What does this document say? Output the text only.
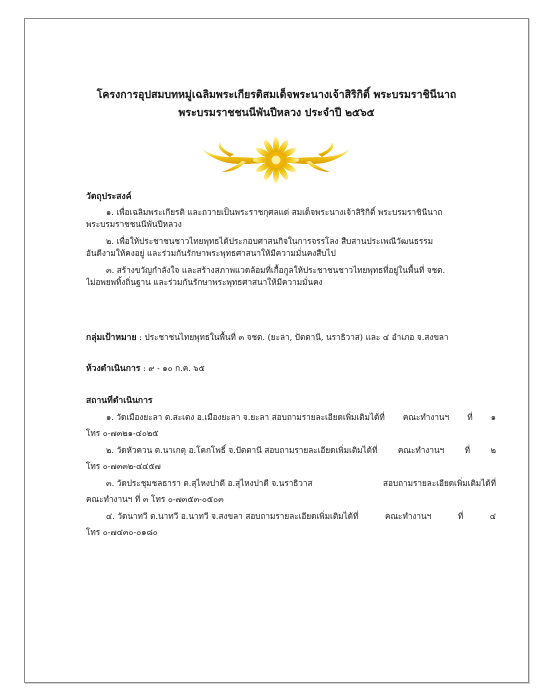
โครงการอุปสมบทหมู่เฉลิมพระเกียรติสมเด็จพระนางเจ้าสิริกิติ์ พระบรมราชินีนาถ
พระบรมราชชนนีพันปีหลวง ประจำปี ๒๕๖๕
วัตถุประสงค์
๑. เพื่อเฉลิมพระเกียรติ และถวายเป็นพระราชกุศลแด่ สมเด็จพระนางเจ้าสิริกิติ์ พระบรมราชินีนาถ
พระบรมราชชนนีพันปีหลวง
๒. เพื่อให้ประชาชนชาวไทยพุทธได้ประกอบศาสนกิจในการจรรโลง สืบสานประเพณีวัฒนธรรม
อันดีงามให้คงอยู่ และร่วมกันรักษาพระพุทธศาสนาให้มีความมั่นคงสืบไป
๓. สร้างขวัญกำลังใจ และสร้างสภาพแวดล้อมที่เกื้อกูลให้ประชาชนชาวไทยพุทธที่อยู่ในพื้นที่ จชต.
ไม่อพยพทิ้งถิ่นฐาน และร่วมกันรักษาพระพุทธศาสนาให้มีความมั่นคง
กลุ่มเป้าหมาย : ประชาชนไทยพุทธในพื้นที่ ๓ จชต. (ยะลา, ปัตตานี, นราธิวาส) และ ๔ อำเภอ จ.สงขลา
ห้วงดำเนินการ : ๙ - ๑๐ ก.ค. ๖๕
สถานที่ดำเนินการ
๑. วัดเมืองยะลา ต.สะเตง อ.เมืองยะลา จ.ยะลา สอบถามรายละเอียดเพิ่มเติมได้ที่ คณะทำงานฯ ที่ ๑
โทร ๐-๗๓๒๑-๔๐๒๕
๒. วัดหัวควน ต.นาเกตุ อ.โคกโพธิ์ จ.ปัตตานี สอบถามรายละเอียดเพิ่มเติมได้ที่	คณะทำงานฯ	ที่	๒
โทร ๐-๗๓๓๒-๔๔๕๗
๓. วัดประชุมชลธารา ต.สุไหงปาดี อ.สุไหงปาดี จ.นราธิวาส	สอบถามรายละเอียดเพิ่มเติมได้ที่
คณะทำงานฯ ที่ ๓ โทร ๐-๗๓๕๓-๐๕๐๓
๔. วัดนาทวี ต.นาทวี อ.นาทวี จ.สงขลา สอบถามรายละเอียดเพิ่มเติมได้ที่	คณะทำงานฯ	ที่	๔
โทร ๐-๗๔๓๐-๐๑๘๐
